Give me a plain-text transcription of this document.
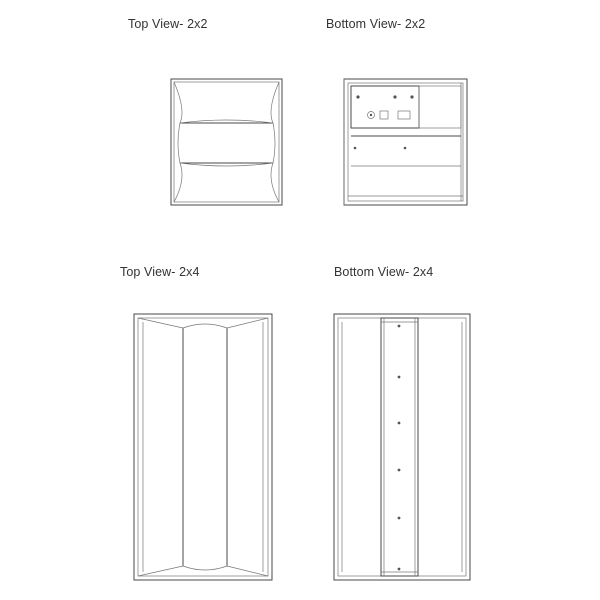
Top View- 2x2	Bottom View- 2x2
Top View- 2x4	Bottom View- 2x4
